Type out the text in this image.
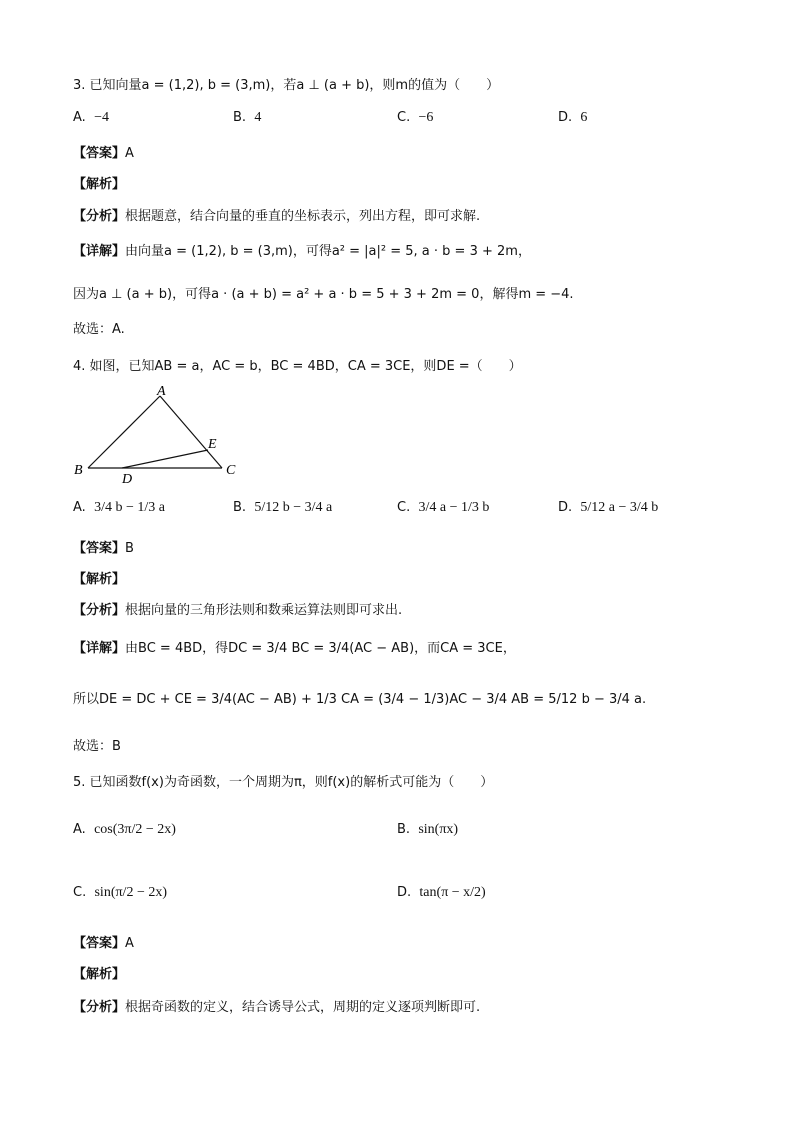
3. 已知向量a = (1,2), b = (3,m)，若a ⊥ (a + b)，则m的值为（　　）
A. −4	B. 4	C. −6	D. 6
【答案】A
【解析】
【分析】根据题意，结合向量的垂直的坐标表示，列出方程，即可求解.
【详解】由向量a = (1,2), b = (3,m)，可得a² = |a|² = 5, a · b = 3 + 2m，
因为a ⊥ (a + b)，可得a · (a + b) = a² + a · b = 5 + 3 + 2m = 0，解得m = −4.
故选：A.
4. 如图，已知AB = a，AC = b，BC = 4BD，CA = 3CE，则DE =（　　）
A
B	C
D
E
A. 3/4 b − 1/3 a	B. 5/12 b − 3/4 a	C. 3/4 a − 1/3 b	D. 5/12 a − 3/4 b
【答案】B
【解析】
【分析】根据向量的三角形法则和数乘运算法则即可求出.
【详解】由BC = 4BD，得DC = 3/4 BC = 3/4(AC − AB)，而CA = 3CE，
所以DE = DC + CE = 3/4(AC − AB) + 1/3 CA = (3/4 − 1/3)AC − 3/4 AB = 5/12 b − 3/4 a.
故选：B
5. 已知函数f(x)为奇函数，一个周期为π，则f(x)的解析式可能为（　　）
A. cos(3π/2 − 2x)	B. sin(πx)
C. sin(π/2 − 2x)	D. tan(π − x/2)
【答案】A
【解析】
【分析】根据奇函数的定义，结合诱导公式，周期的定义逐项判断即可.
